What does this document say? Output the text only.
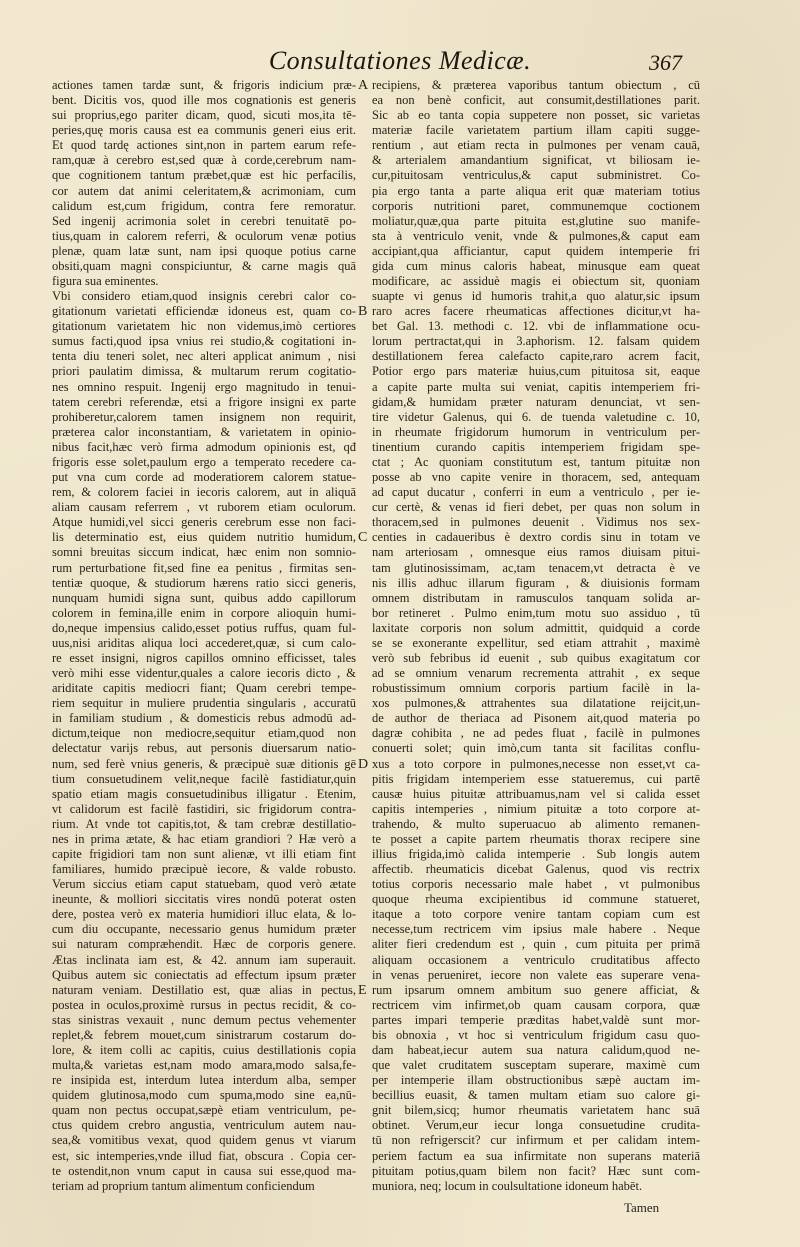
Consultationes Medicæ.	367
actiones tamen tardæ sunt, & frigoris indicium præ-
bent. Dicitis vos, quod ille mos cognationis est generis
sui proprius,ego pariter dicam, quod, sicuti mos,ita tē-
peries,quę moris causa est ea communis generi eius erit.
Et quod tardę actiones sint,non in partem earum refe-
ram,quæ à cerebro est,sed quæ à corde,cerebrum nam-
que cognitionem tantum præbet,quæ est hic perfacilis,
cor autem dat animi celeritatem,& acrimoniam, cum
calidum est,cum frigidum, contra fere remoratur.
Sed ingenij acrimonia solet in cerebri tenuitatē po-
tius,quam in calorem referri, & oculorum venæ potius
plenæ, quam latæ sunt, nam ipsi quoque potius carne
obsiti,quam magni conspiciuntur, & carne magis quā
figura sua eminentes.
Vbi considero etiam,quod insignis cerebri calor co-
gitationum varietati efficiendæ idoneus est, quam co-
gitationum varietatem hic non videmus,imò certiores
sumus facti,quod ipsa vnius rei studio,& cogitationi in-
tenta diu teneri solet, nec alteri applicat animum , nisi
priori paulatim dimissa, & multarum rerum cogitatio-
nes omnino respuit. Ingenij ergo magnitudo in tenui-
tatem cerebri referendæ, etsi a frigore insigni ex parte
prohiberetur,calorem tamen insignem non requirit,
præterea calor inconstantiam, & varietatem in opinio-
nibus facit,hæc verò firma admodum opinionis est, qđ
frigoris esse solet,paulum ergo a temperato recedere ca-
put vna cum corde ad moderatiorem calorem statue-
rem, & colorem faciei in iecoris calorem, aut in aliquā
aliam causam referrem , vt ruborem etiam oculorum.
Atque humidi,vel sicci generis cerebrum esse non faci-
lis determinatio est, eius quidem nutritio humidum,
somni breuitas siccum indicat, hæc enim non somnio-
rum perturbatione fit,sed fine ea penitus , firmitas sen-
tentiæ quoque, & studiorum hærens ratio sicci generis,
nunquam humidi signa sunt, quibus addo capillorum
colorem in femina,ille enim in corpore alioquin humi-
do,neque impensius calido,esset potius ruffus, quam ful-
uus,nisi ariditas aliqua loci accederet,quæ, si cum calo-
re esset insigni, nigros capillos omnino efficisset, tales
verò mihi esse videntur,quales a calore iecoris dicto , &
ariditate capitis mediocri fiant; Quam cerebri tempe-
riem sequitur in muliere prudentia singularis , accuratū
in familiam studium , & domesticis rebus admodū ad-
dictum,teique non mediocre,sequitur etiam,quod non
delectatur varijs rebus, aut personis diuersarum natio-
num, sed ferè vnius generis, & præcipuè suæ ditionis gē
tium consuetudinem velit,neque facilè fastidiatur,quin
spatio etiam magis consuetudinibus illigatur . Etenim,
vt calidorum est facilè fastidiri, sic frigidorum contra-
rium. At vnde tot capitis,tot, & tam crebræ destillatio-
nes in prima ætate, & hac etiam grandiori ? Hæ verò a
capite frigidiori tam non sunt alienæ, vt illi etiam fint
familiares, humido præcipuè iecore, & valde robusto.
Verum siccius etiam caput statuebam, quod verò ætate
ineunte, & molliori siccitatis vires nondū poterat osten
dere, postea verò ex materia humidiori illuc elata, & lo-
cum diu occupante, necessario genus humidum præter
sui naturam compræhendit. Hæc de corporis genere.
Ætas inclinata iam est, & 42. annum iam superauit.
Quibus autem sic coniectatis ad effectum ipsum præter
naturam veniam. Destillatio est, quæ alias in pectus,
postea in oculos,proximè rursus in pectus recidit, & co-
stas sinistras vexauit , nunc demum pectus vehementer
replet,& febrem mouet,cum sinistrarum costarum do-
lore, & item colli ac capitis, cuius destillationis copia
multa,& varietas est,nam modo amara,modo salsa,fe-
re insipida est, interdum lutea interdum alba, semper
quidem glutinosa,modo cum spuma,modo sine ea,nū-
quam non pectus occupat,sæpè etiam ventriculum, pe-
ctus quidem crebro angustia, ventriculum autem nau-
sea,& vomitibus vexat, quod quidem genus vt viarum
est, sic intemperies,vnde illud fiat, obscura . Copia cer-
te ostendit,non vnum caput in causa sui esse,quod ma-
teriam ad proprium tantum alimentum conficiendum
A
B
C
D
E
recipiens, & præterea vaporibus tantum obiectum , cū
ea non benè conficit, aut consumit,destillationes parit.
Sic ab eo tanta copia suppetere non posset, sic varietas
materiæ facile varietatem partium illam capiti sugge-
rentium , aut etiam recta in pulmones per venam cauā,
& arterialem amandantium significat, vt biliosam ie-
cur,pituitosam ventriculus,& caput subministret. Co-
pia ergo tanta a parte aliqua erit quæ materiam totius
corporis nutritioni paret, communemque coctionem
moliatur,quæ,qua parte pituita est,glutine suo manife-
sta à ventriculo venit, vnde & pulmones,& caput eam
accipiant,qua afficiantur, caput quidem intemperie fri
gida cum minus caloris habeat, minusque eam queat
modificare, ac assiduè magis ei obiectum sit, quoniam
suapte vi genus id humoris trahit,a quo alatur,sic ipsum
raro acres facere rheumaticas affectiones dicitur,vt ha-
bet Gal. 13. methodi c. 12. vbi de inflammatione ocu-
lorum pertractat,qui in 3.aphorism. 12. falsam quidem
destillationem ferea calefacto capite,raro acrem facit,
Potior ergo pars materiæ huius,cum pituitosa sit, eaque
a capite parte multa sui veniat, capitis intemperiem fri-
gidam,& humidam præter naturam denunciat, vt sen-
tire videtur Galenus, qui 6. de tuenda valetudine c. 10,
in rheumate frigidorum humorum in ventriculum per-
tinentium curando capitis intemperiem frigidam spe-
ctat ; Ac quoniam constitutum est, tantum pituitæ non
posse ab vno capite venire in thoracem, sed, antequam
ad caput ducatur , conferri in eum a ventriculo , per ie-
cur certè, & venas id fieri debet, per quas non solum in
thoracem,sed in pulmones deuenit . Vidimus nos sex-
centies in cadaueribus è dextro cordis sinu in totam ve
nam arteriosam , omnesque eius ramos diuisam pitui-
tam glutinosissimam, ac,tam tenacem,vt detracta è ve
nis illis adhuc illarum figuram , & diuisionis formam
omnem distributam in ramusculos tanquam solida ar-
bor retineret . Pulmo enim,tum motu suo assiduo , tū
laxitate corporis non solum admittit, quidquid a corde
se se exonerante expellitur, sed etiam attrahit , maximè
verò sub febribus id euenit , sub quibus exagitatum cor
ad se omnium venarum recrementa attrahit , ex seque
robustissimum omnium corporis partium facilè in la-
xos pulmones,& attrahentes sua dilatatione reijcit,un-
de author de theriaca ad Pisonem ait,quod materia po
dagræ cohibita , ne ad pedes fluat , facilè in pulmones
conuerti solet; quin imò,cum tanta sit facilitas conflu-
xus a toto corpore in pulmones,necesse non esset,vt ca-
pitis frigidam intemperiem esse statueremus, cui partē
causæ huius pituitæ attribuamus,nam vel si calida esset
capitis intemperies , nimium pituitæ a toto corpore at-
trahendo, & multo superuacuo ab alimento remanen-
te posset a capite partem rheumatis thorax recipere sine
illius frigida,imò calida intemperie . Sub longis autem
affectib. rheumaticis dicebat Galenus, quod vis rectrix
totius corporis necessario male habet , vt pulmonibus
quoque rheuma excipientibus id commune statueret,
itaque a toto corpore venire tantam copiam cum est
necesse,tum rectricem vim ipsius male habere . Neque
aliter fieri credendum est , quin , cum pituita per primā
aliquam occasionem a ventriculo cruditatibus affecto
in venas perueniret, iecore non valete eas superare vena-
rum ipsarum omnem ambitum suo genere afficiat, &
rectricem vim infirmet,ob quam causam corpora, quæ
partes impari temperie præditas habet,valdè sunt mor-
bis obnoxia , vt hoc si ventriculum frigidum casu quo-
dam habeat,iecur autem sua natura calidum,quod ne-
que valet cruditatem susceptam superare, maximè cum
per intemperie illam obstructionibus sæpè auctam im-
becillius euasit, & tamen multam etiam suo calore gi-
gnit bilem,sicq; humor rheumatis varietatem hanc suā
obtinet. Verum,eur iecur longa consuetudine crudita-
tū non refrigerscit? cur infirmum et per calidam intem-
periem factum ea sua infirmitate non superans materiā
pituitam potius,quam bilem non facit? Hæc sunt com-
muniora, neq; locum in coulsultatione idoneum habēt.
Tamen
